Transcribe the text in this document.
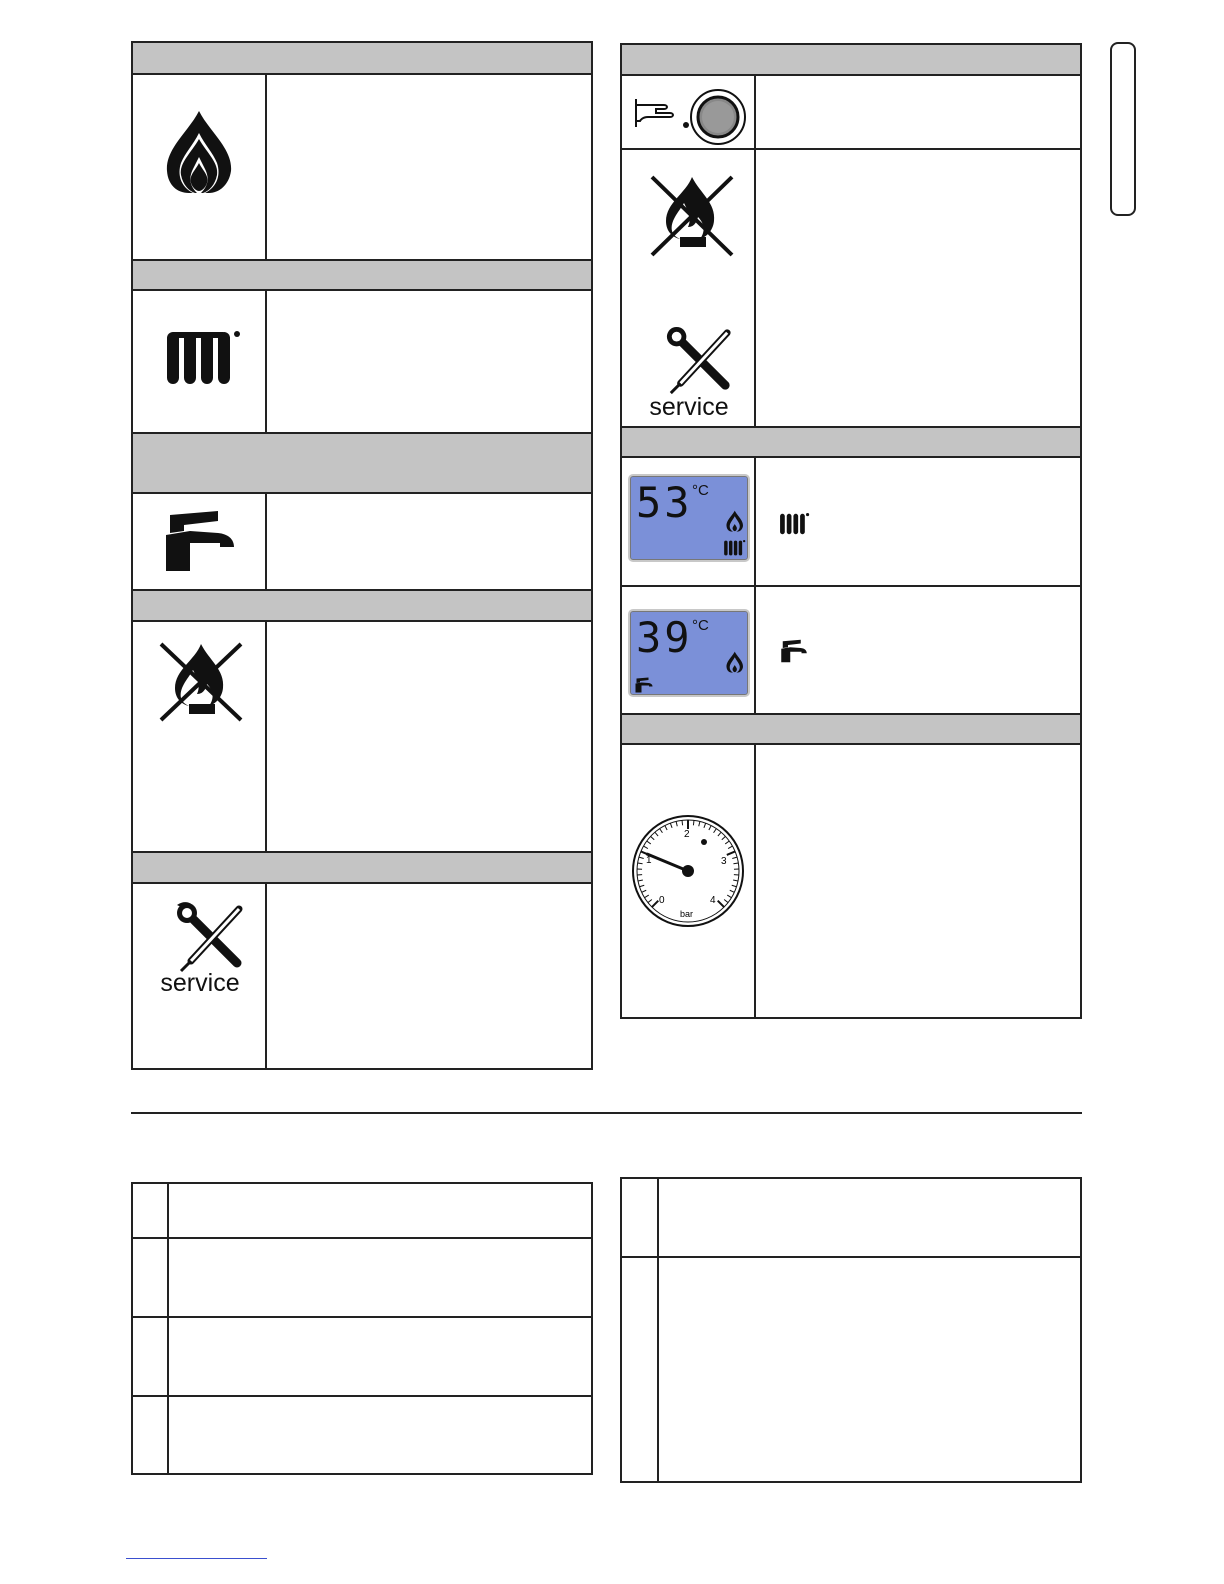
service
service
53 °C
39 °C
0
1
2
3
4
bar
